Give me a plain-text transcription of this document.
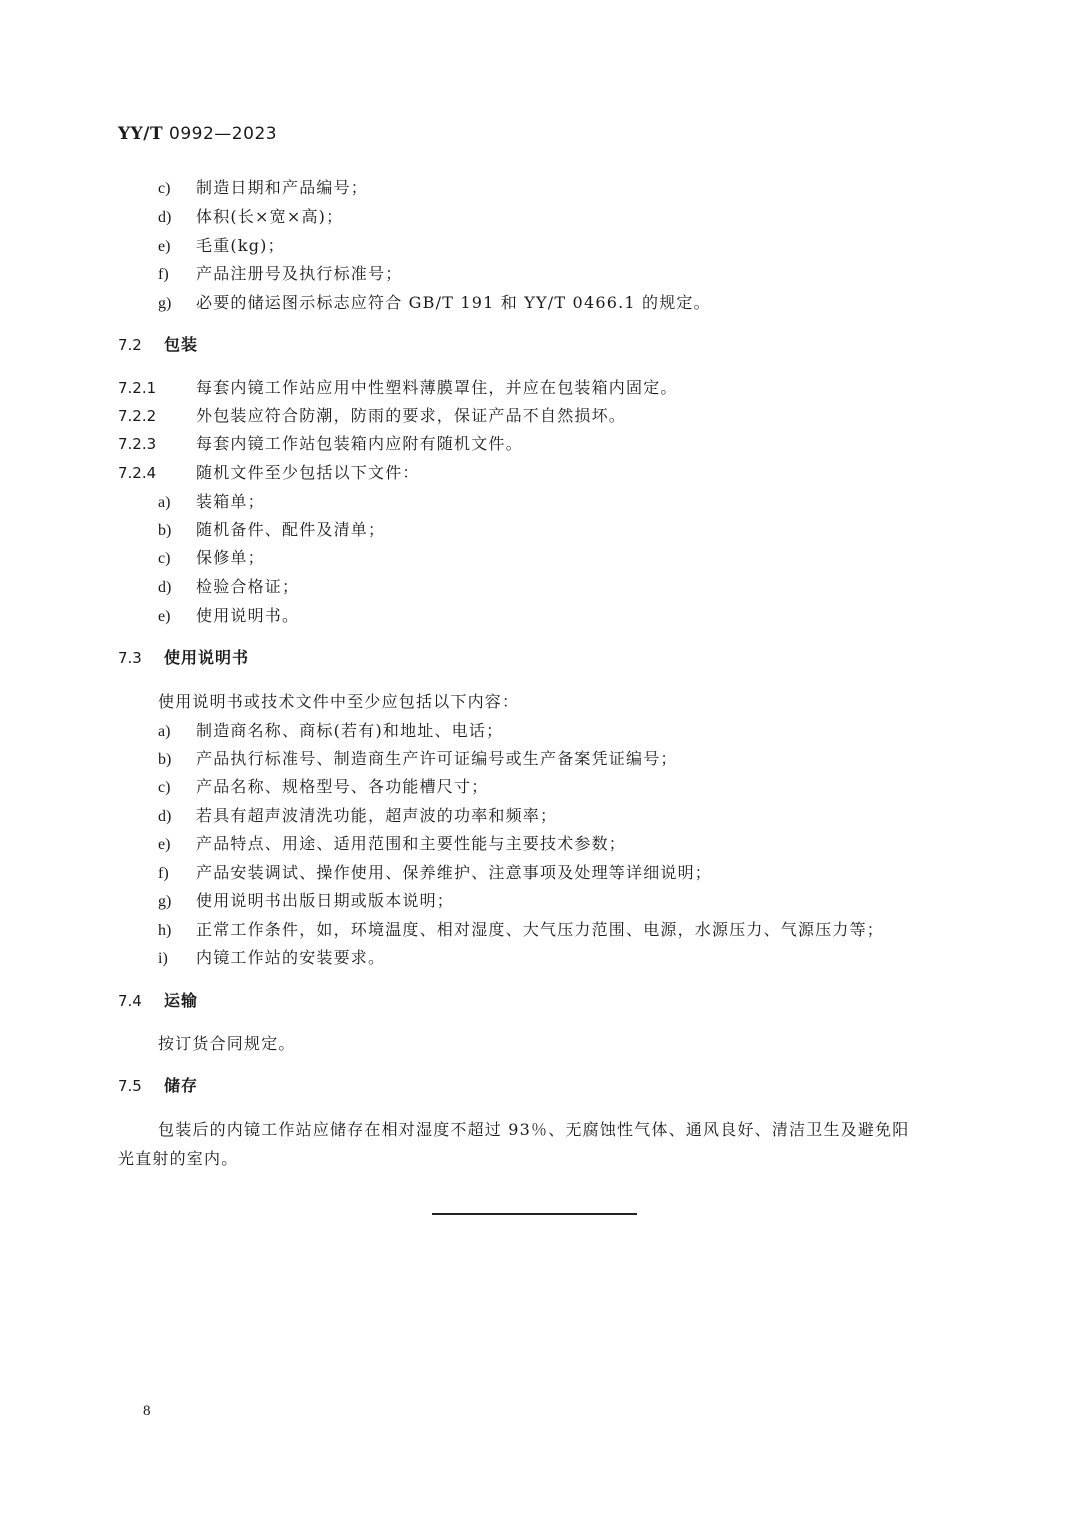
YY/T 0992—2023
c) 制造日期和产品编号；
d) 体积(长×宽×高)；
e) 毛重(kg)；
f) 产品注册号及执行标准号；
g) 必要的储运图示标志应符合 GB/T 191 和 YY/T 0466.1 的规定。
7.2 包装
7.2.1 每套内镜工作站应用中性塑料薄膜罩住，并应在包装箱内固定。
7.2.2 外包装应符合防潮，防雨的要求，保证产品不自然损坏。
7.2.3 每套内镜工作站包装箱内应附有随机文件。
7.2.4 随机文件至少包括以下文件：
a) 装箱单；
b) 随机备件、配件及清单；
c) 保修单；
d) 检验合格证；
e) 使用说明书。
7.3 使用说明书
使用说明书或技术文件中至少应包括以下内容：
a) 制造商名称、商标(若有)和地址、电话；
b) 产品执行标准号、制造商生产许可证编号或生产备案凭证编号；
c) 产品名称、规格型号、各功能槽尺寸；
d) 若具有超声波清洗功能，超声波的功率和频率；
e) 产品特点、用途、适用范围和主要性能与主要技术参数；
f) 产品安装调试、操作使用、保养维护、注意事项及处理等详细说明；
g) 使用说明书出版日期或版本说明；
h) 正常工作条件，如，环境温度、相对湿度、大气压力范围、电源，水源压力、气源压力等；
i) 内镜工作站的安装要求。
7.4 运输
按订货合同规定。
7.5 储存
包装后的内镜工作站应储存在相对湿度不超过 93％、无腐蚀性气体、通风良好、清洁卫生及避免阳
光直射的室内。
8
